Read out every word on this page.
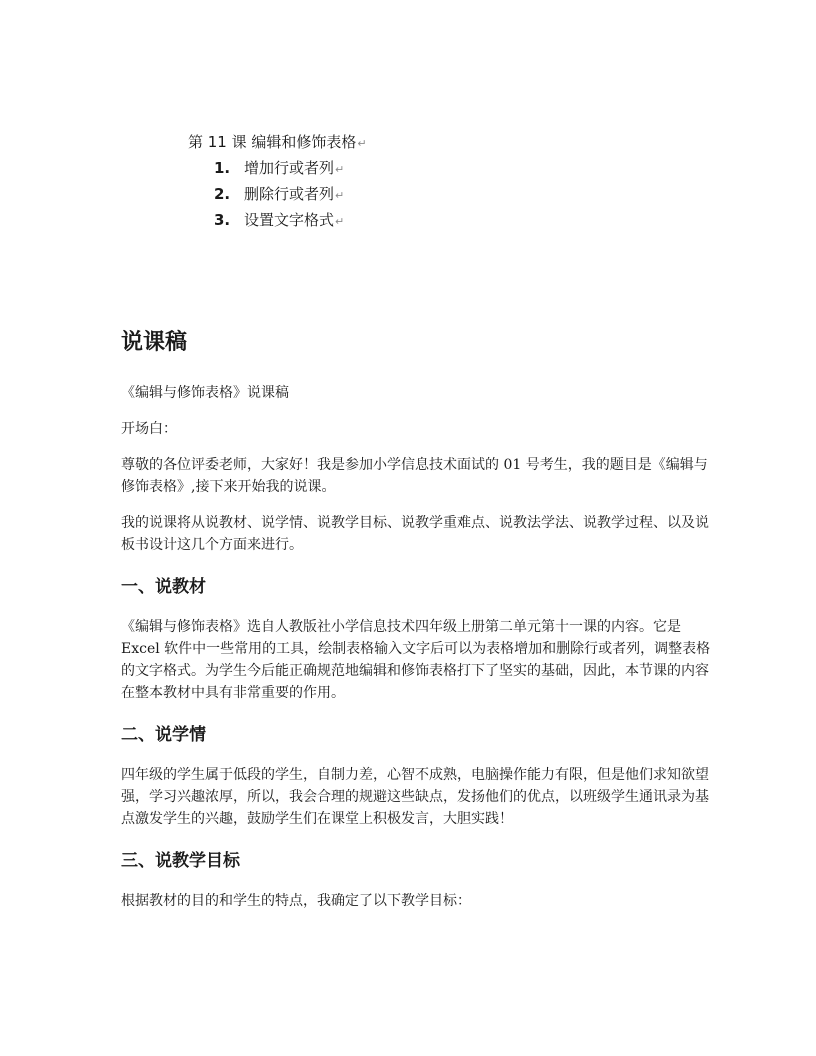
第 11 课 编辑和修饰表格↵

1. 增加行或者列↵
2. 删除行或者列↵
3. 设置文字格式↵
说课稿

《编辑与修饰表格》说课稿

开场白：

尊敬的各位评委老师，大家好！我是参加小学信息技术面试的 01 号考生，我的题目是《编辑与修饰表格》,接下来开始我的说课。

我的说课将从说教材、说学情、说教学目标、说教学重难点、说教法学法、说教学过程、以及说板书设计这几个方面来进行。

一、说教材

《编辑与修饰表格》选自人教版社小学信息技术四年级上册第二单元第十一课的内容。它是 Excel 软件中一些常用的工具，绘制表格输入文字后可以为表格增加和删除行或者列，调整表格的文字格式。为学生今后能正确规范地编辑和修饰表格打下了坚实的基础，因此，本节课的内容在整本教材中具有非常重要的作用。

二、说学情

四年级的学生属于低段的学生，自制力差，心智不成熟，电脑操作能力有限，但是他们求知欲望强，学习兴趣浓厚，所以，我会合理的规避这些缺点，发扬他们的优点，以班级学生通讯录为基点激发学生的兴趣，鼓励学生们在课堂上积极发言，大胆实践！

三、说教学目标

根据教材的目的和学生的特点，我确定了以下教学目标：
